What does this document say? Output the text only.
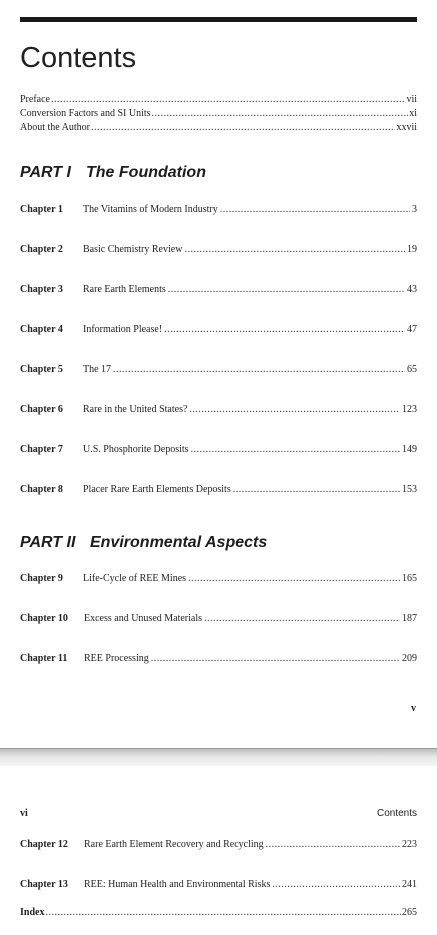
Contents
Preface .....	vii
Conversion Factors and SI Units .....	xi
About the Author .....	xxvii
PART I The Foundation
Chapter 1	The Vitamins of Modern Industry .....	3
Chapter 2	Basic Chemistry Review .....	19
Chapter 3	Rare Earth Elements .....	43
Chapter 4	Information Please! .....	47
Chapter 5	The 17 .....	65
Chapter 6	Rare in the United States? .....	123
Chapter 7	U.S. Phosphorite Deposits .....	149
Chapter 8	Placer Rare Earth Elements Deposits .....	153
PART II Environmental Aspects
Chapter 9	Life-Cycle of REE Mines .....	165
Chapter 10	Excess and Unused Materials .....	187
Chapter 11	REE Processing .....	209
v
vi	Contents
Chapter 12	Rare Earth Element Recovery and Recycling .....	223
Chapter 13	REE: Human Health and Environmental Risks .....	241
Index .....	265
